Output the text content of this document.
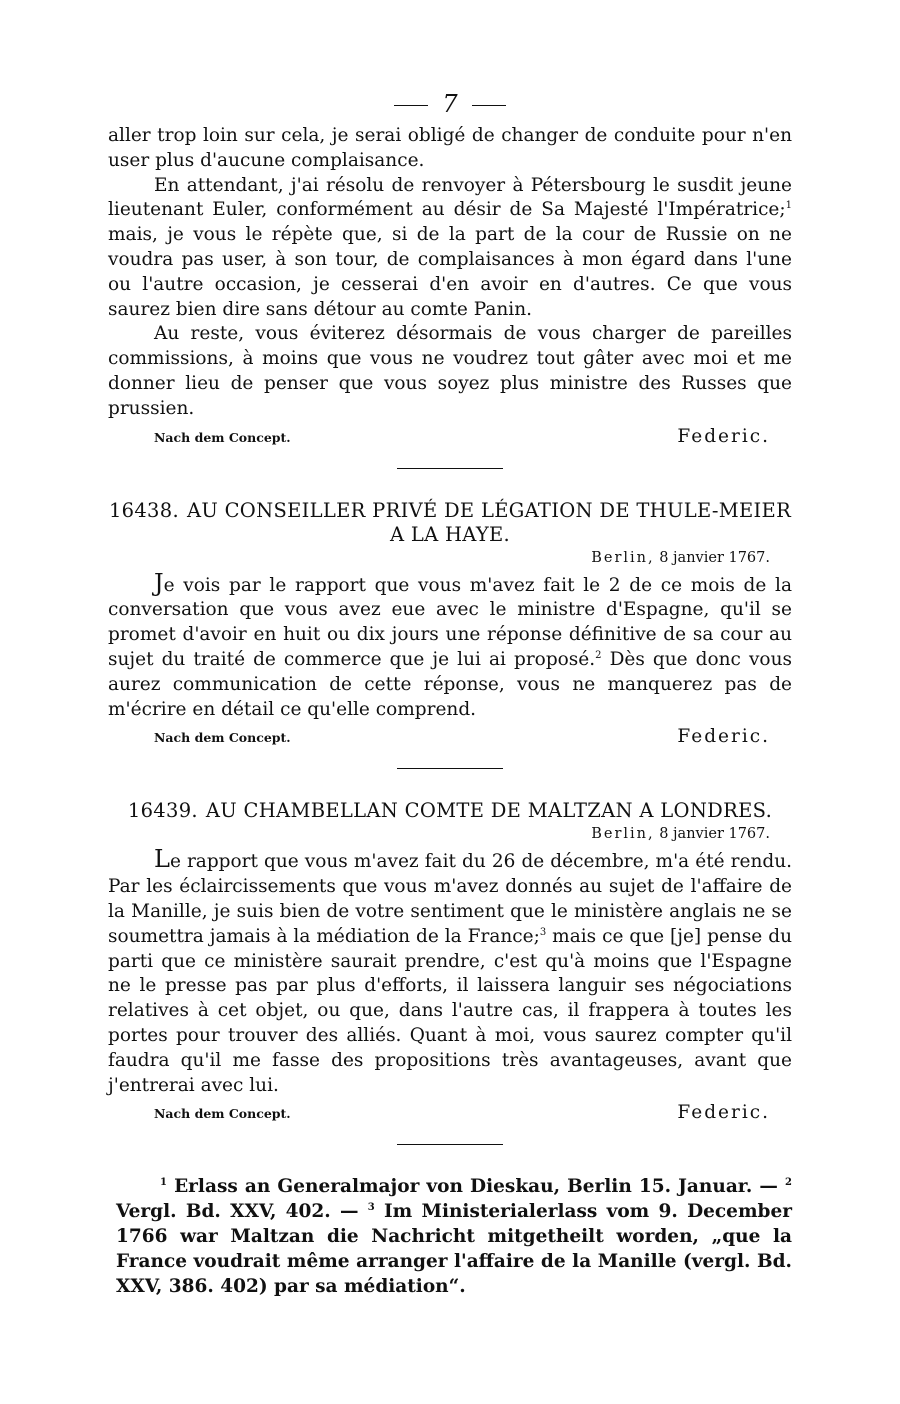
7

aller trop loin sur cela, je serai obligé de changer de conduite pour n'en user plus d'aucune complaisance.

En attendant, j'ai résolu de renvoyer à Pétersbourg le susdit jeune lieutenant Euler, conformément au désir de Sa Majesté l'Impératrice;$^1$ mais, je vous le répète que, si de la part de la cour de Russie on ne voudra pas user, à son tour, de complaisances à mon égard dans l'une ou l'autre occasion, je cesserai d'en avoir en d'autres. Ce que vous saurez bien dire sans détour au comte Panin.

Au reste, vous éviterez désormais de vous charger de pareilles commissions, à moins que vous ne voudrez tout gâter avec moi et me donner lieu de penser que vous soyez plus ministre des Russes que prussien.

Nach dem Concept.	Federic.
16438. AU CONSEILLER PRIVÉ DE LÉGATION DE THULE-MEIER A LA HAYE.
Berlin, 8 janvier 1767.

Je vois par le rapport que vous m'avez fait le 2 de ce mois de la conversation que vous avez eue avec le ministre d'Espagne, qu'il se promet d'avoir en huit ou dix jours une réponse définitive de sa cour au sujet du traité de commerce que je lui ai proposé.$^2$ Dès que donc vous aurez communication de cette réponse, vous ne manquerez pas de m'écrire en détail ce qu'elle comprend.

Nach dem Concept.	Federic.
16439. AU CHAMBELLAN COMTE DE MALTZAN A LONDRES.
Berlin, 8 janvier 1767.

Le rapport que vous m'avez fait du 26 de décembre, m'a été rendu. Par les éclaircissements que vous m'avez donnés au sujet de l'affaire de la Manille, je suis bien de votre sentiment que le ministère anglais ne se soumettra jamais à la médiation de la France;$^3$ mais ce que [je] pense du parti que ce ministère saurait prendre, c'est qu'à moins que l'Espagne ne le presse pas par plus d'efforts, il laissera languir ses négociations relatives à cet objet, ou que, dans l'autre cas, il frappera à toutes les portes pour trouver des alliés. Quant à moi, vous saurez compter qu'il faudra qu'il me fasse des propositions très avantageuses, avant que j'entrerai avec lui.

Nach dem Concept.	Federic.

$^1$ Erlass an Generalmajor von Dieskau, Berlin 15. Januar. — $^2$ Vergl. Bd. XXV, 402. — $^3$ Im Ministerialerlass vom 9. December 1766 war Maltzan die Nachricht mitgetheilt worden, „que la France voudrait même arranger l'affaire de la Manille (vergl. Bd. XXV, 386. 402) par sa médiation“.
